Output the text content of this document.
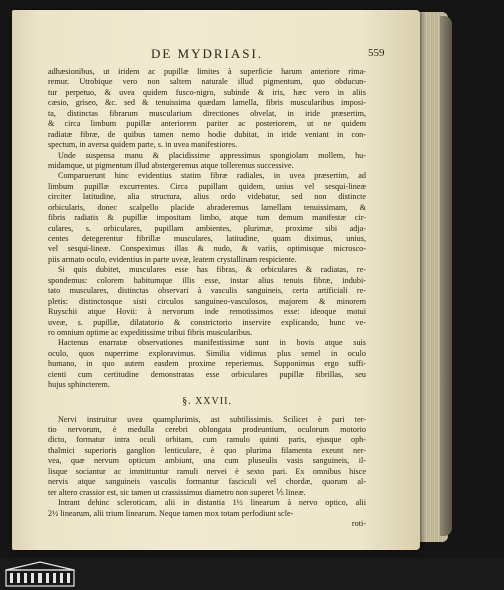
DE MYDRIASI.	559
adhæsionibus, ut iridem ac pupillæ limites à superficie harum anteriore rima-
remur. Utrobique vero non saltem naturale illud pigmentum, quo obducun-
tur perpetuo, & uvea quidem fusco-nigro, subinde & iris, hæc vero in aliis
cæsio, griseo, &c. sed & tenuissima quædam lamella, fibris muscularibus imposi-
ta, distinctas fibrarum muscularium directiones obvelat, in iride præsertim,
& circa limbum pupillæ anteriorem pariter ac posteriorem, ut ne quidem
radiatæ fibræ, de quibus tamen nemo hodie dubitat, in iride veniant in con-
spectum, in aversa quidem parte, s. in uvea manifestiores.
Unde suspensa manu & placidissime appressimus spongiolam mollem, hu-
midamque, ut pigmentum illud abstergeremus atque tolleremus successive.
Comparuerunt hinc evidentius statim fibræ radiales, in uvea præsertim, ad
limbum pupillæ excurrentes. Circa pupillam quidem, unius vel sesqui-lineæ
circiter latitudine, alia structura, alius ordo videbatur, sed non distincte
orbicularis, donec scalpello placide abraderemus lamellam tenuissimam, &
fibris radiatis & pupillæ impositam limbo, atque tum demum manifestæ cir-
culares, s. orbiculares, pupillam ambientes, plurimæ, proxime sibi adja-
centes detegerentur fibrillæ musculares, latitudine, quam diximus, unius,
vel sesqui-lineæ. Conspeximus illas & nudo, & variis, optimisque microsco-
piis armato oculo, evidentius in parte uveæ, leatem crystallinam respiciente.
Si quis dubitet, musculares esse has fibras, & orbiculares & radiatas, re-
spondemus: colorem habitumque illis esse, instar alius tenuis fibræ, indubi-
tato musculares, distinctas observari à vasculis sanguineis, certa artificiali re-
pletis: distinctosque sisti circulos sanguineo-vasculosos, majorem & minorem
Ruyschii atque Hovii: à nervorum inde remotissimos esse: ideoque motui
uveæ, s. pupillæ, dilatatorio & constrictorio inservire explicando, hunc ve-
ro omnium optime ac expeditissime tribui fibris muscularibus.
Hactenus enarratæ observationes manifestissimæ sunt in bovis atque suis
oculo, quos nuperrime exploravimus. Similia vidimus plus semel in oculo
humano, in quo autem easdem proxime reperiemus. Supponimus ergo suffi-
cienti cum certitudine demonstratas esse orbiculares pupillæ fibrillas, seu
hujus sphincterem.
§. XXVII.
Nervi instruitur uvea quamplurimis, ast subtilissimis. Scilicet è pari ter-
tio nervorum, è medulla cerebri oblongata prodeuntium, oculorum motorio
dicto, formatur intra oculi orbitam, cum ramulo quinti paris, ejusque oph-
thalmici superioris ganglion lenticulare, è quo plurima filamenta exeunt ner-
vea, quæ nervum opticum ambiunt, una cum pluseulis vasis sanguineis, il-
lisque sociantur ac immittuntur ramuli nervei è sexto pari. Ex omnibus hisce
nervis atque sanguineis vasculis formantur fasciculi vel chordæ, quorum al-
ter altero crassior est, sic tamen ut crassissimus diametro non superet ⅕ lineæ.
Intrant dehinc scleroticam, alii in distantia 1½ linearum à nervo optico, alii
2½ linearum, alii trium linearum. Neque tamen mox totam perfodiunt scle-
roti-
